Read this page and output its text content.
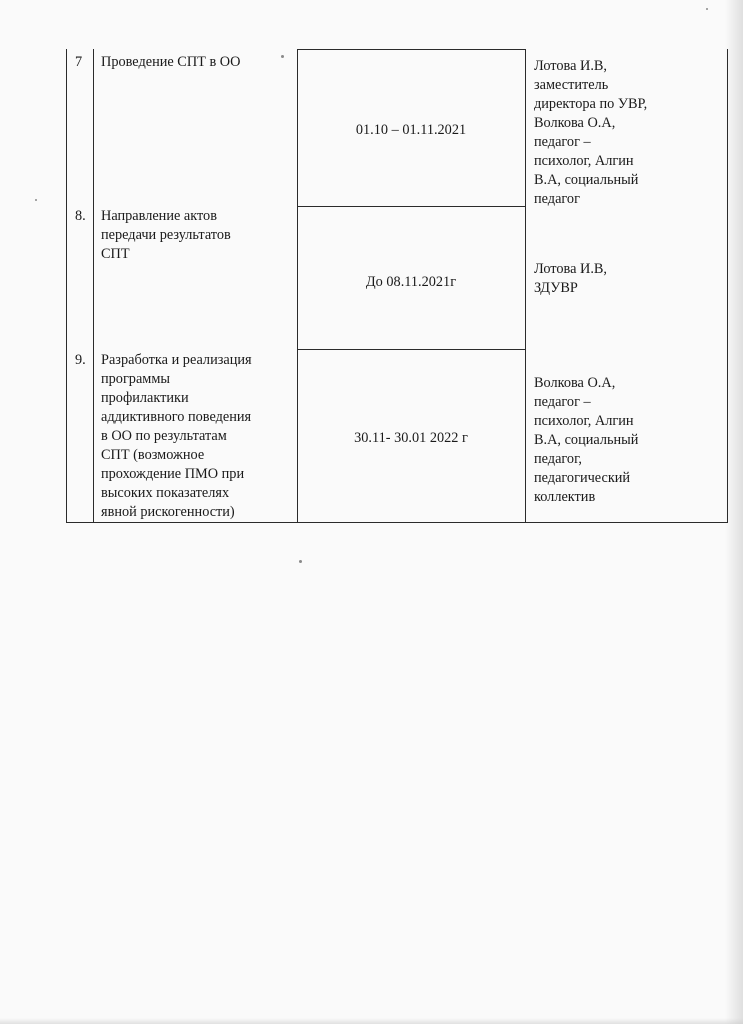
7 Проведение СПТ в ОО
01.10 – 01.11.2021
Лотова И.В,
заместитель
директора по УВР,
Волкова О.А,
педагог –
психолог, Алгин
В.А, социальный
педагог
8. Направление актов
передачи результатов
СПТ
До 08.11.2021г
Лотова И.В,
ЗДУВР
9. Разработка и реализация
программы
профилактики
аддиктивного поведения
в ОО по результатам
СПТ (возможное
прохождение ПМО при
высоких показателях
явной рискогенности)
30.11- 30.01 2022 г
Волкова О.А,
педагог –
психолог, Алгин
В.А, социальный
педагог,
педагогический
коллектив
